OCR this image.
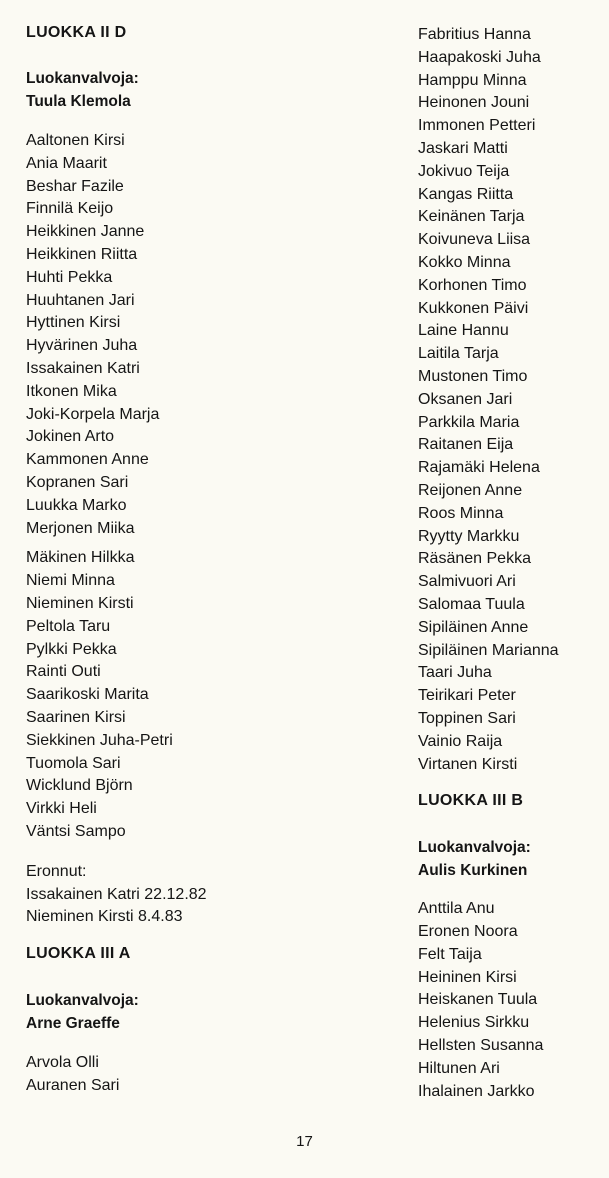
LUOKKA II D
Luokanvalvoja:
Tuula Klemola
Aaltonen Kirsi
Ania Maarit
Beshar Fazile
Finnilä Keijo
Heikkinen Janne
Heikkinen Riitta
Huhti Pekka
Huuhtanen Jari
Hyttinen Kirsi
Hyvärinen Juha
Issakainen Katri
Itkonen Mika
Joki-Korpela Marja
Jokinen Arto
Kammonen Anne
Kopranen Sari
Luukka Marko
Merjonen Miika
Mäkinen Hilkka
Niemi Minna
Nieminen Kirsti
Peltola Taru
Pylkki Pekka
Rainti Outi
Saarikoski Marita
Saarinen Kirsi
Siekkinen Juha-Petri
Tuomola Sari
Wicklund Björn
Virkki Heli
Väntsi Sampo
Eronnut:
Issakainen Katri 22.12.82
Nieminen Kirsti 8.4.83
LUOKKA III A
Luokanvalvoja:
Arne Graeffe
Arvola Olli
Auranen Sari
Fabritius Hanna
Haapakoski Juha
Hamppu Minna
Heinonen Jouni
Immonen Petteri
Jaskari Matti
Jokivuo Teija
Kangas Riitta
Keinänen Tarja
Koivuneva Liisa
Kokko Minna
Korhonen Timo
Kukkonen Päivi
Laine Hannu
Laitila Tarja
Mustonen Timo
Oksanen Jari
Parkkila Maria
Raitanen Eija
Rajamäki Helena
Reijonen Anne
Roos Minna
Ryytty Markku
Räsänen Pekka
Salmivuori Ari
Salomaa Tuula
Sipiläinen Anne
Sipiläinen Marianna
Taari Juha
Teirikari Peter
Toppinen Sari
Vainio Raija
Virtanen Kirsti
LUOKKA III B
Luokanvalvoja:
Aulis Kurkinen
Anttila Anu
Eronen Noora
Felt Taija
Heininen Kirsi
Heiskanen Tuula
Helenius Sirkku
Hellsten Susanna
Hiltunen Ari
Ihalainen Jarkko
17
